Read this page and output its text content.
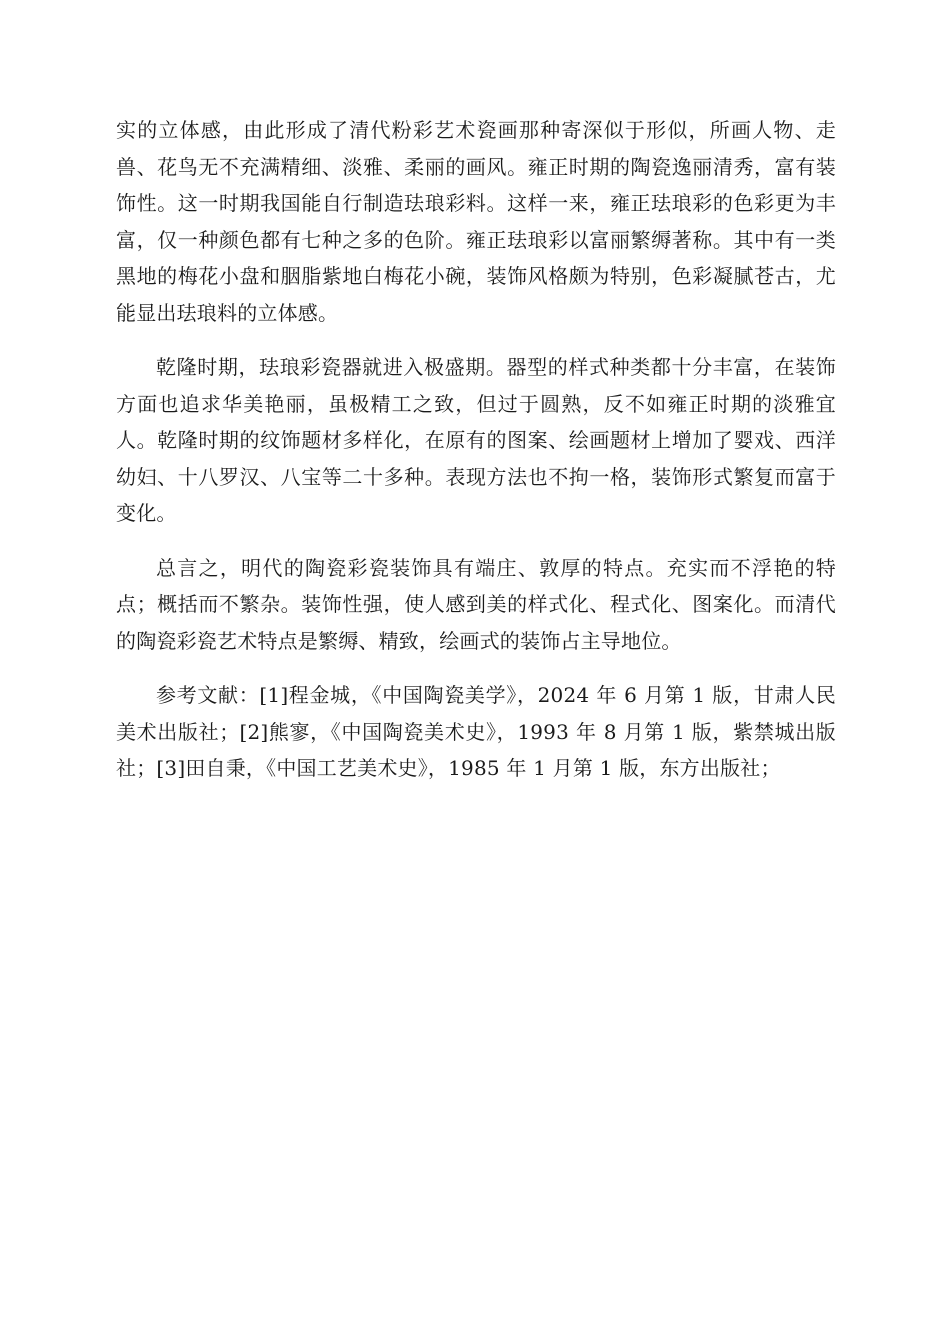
实的立体感，由此形成了清代粉彩艺术瓷画那种寄深似于形似，所画人物、走兽、花鸟无不充满精细、淡雅、柔丽的画风。雍正时期的陶瓷逸丽清秀，富有装饰性。这一时期我国能自行制造珐琅彩料。这样一来，雍正珐琅彩的色彩更为丰富，仅一种颜色都有七种之多的色阶。雍正珐琅彩以富丽繁缛著称。其中有一类黑地的梅花小盘和胭脂紫地白梅花小碗，装饰风格颇为特别，色彩凝腻苍古，尤能显出珐琅料的立体感。

乾隆时期，珐琅彩瓷器就进入极盛期。器型的样式种类都十分丰富，在装饰方面也追求华美艳丽，虽极精工之致，但过于圆熟，反不如雍正时期的淡雅宜人。乾隆时期的纹饰题材多样化，在原有的图案、绘画题材上增加了婴戏、西洋幼妇、十八罗汉、八宝等二十多种。表现方法也不拘一格，装饰形式繁复而富于变化。

总言之，明代的陶瓷彩瓷装饰具有端庄、敦厚的特点。充实而不浮艳的特点；概括而不繁杂。装饰性强，使人感到美的样式化、程式化、图案化。而清代的陶瓷彩瓷艺术特点是繁缛、精致，绘画式的装饰占主导地位。

参考文献：[1]程金城，《中国陶瓷美学》，2024 年 6 月第 1 版，甘肃人民美术出版社；[2]熊寥，《中国陶瓷美术史》，1993 年 8 月第 1 版，紫禁城出版社；[3]田自秉，《中国工艺美术史》，1985 年 1 月第 1 版，东方出版社；
